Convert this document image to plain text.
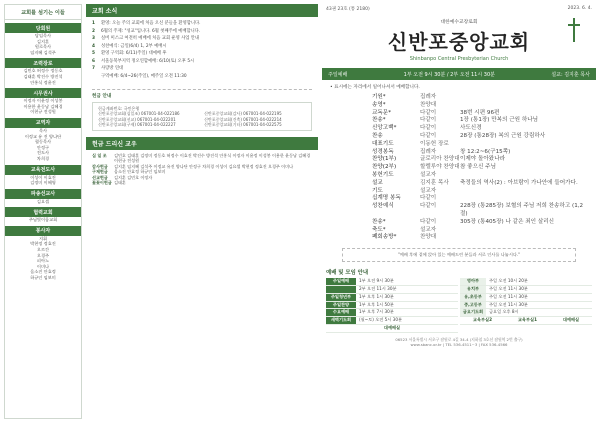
교회를 섬기는 이들
당회원
담임목사
김지훈
원로목사
임지혜 김석주
조력장로
김민호 허정수 정동호
김태훈 박진수 방진석
안홍식 정윤진
시무권사
이정자 이윤정 이성봉
이용한 윤동남 김혜경
이현규 전성원
교역자
목사
이정교 유 진 양나단
협동목사
안정구
전도사
차희경
교육전도사
이성이 이효진
김정미 이혜영
파송선교사
김요셉
협력교회
주님빛이룸교회
봉사자
지휘
박현정 정효진
오르간
오경주
피아노
이미나
음소진 안효정
하규인 임보미
교회 소식
1	환영: 오늘 주의 교회에 처음 오신 분들을 환영합니다.
2	6월의 주제: "성교"입니다. 6월 첫째주에 예배합니다.
3	실버 미스크 여전히 예배에 처음 교회 운영 사업 안내
4	성찬예식: 금일(6/4) 1, 2부 예배시
5	환영 구역회: 6/11(주일) 대예배 후
6	서울동북부지역 정오연합예배: 6/10(토) 오후 5시
7	사랑방 연대
구역예배: 6/4~26(주일), 매주일 오전 11:30
헌금 안내
헌금계좌번호: 국민은행
신반포중앙교회(십일조) 067001-04-022186	신반포중앙교회(감사) 067001-04-022195
신반포중앙교회(선교) 067001-04-022201	신반포중앙교회(건축) 067001-04-022214
신반포중앙교회(구제) 067001-04-022227	신반포중앙교회(기타) 067001-04-022575
헌금 드리신 교우
십 일 조	김민호 김태훈 김정미 정동호 허정수 이효진 박진수 방진석 안홍식 이정자 이윤정 이성봉 이용한 윤동남 김혜경 이현규 전성원
감사헌금	김지훈 임지혜 김석주 이정교 유진 양나단 안정구 차희경 이성이 김요셉 박현정 정효진 오경주 이미나
구제헌금	음소진 안효정 하규인 임보미
선교헌금	김지훈 김민호 이정자
꽃꽂이헌금 김태훈
43권 23호 (통 2180)	2023. 6. 4.
대한예수교장로회
신반포중앙교회
Shinbanpo Central Presbyterian Church
주일예배	1부 오전 9시 30분 / 2부 오전 11시 30분	설교: 김지훈 목사
• 표시에는 자리에서 일어나셔서 예배합니다.
기원*	집례자
송영*	찬양대
교독문*	다같이	38번 시편 96편
찬송*	다같이	1장 (통1장) 만복의 근원 하나님
신앙고백*	다같이	사도신경
찬송	다같이	28장 (통28장) 복의 근원 강림하사
대표기도	이동헌 장로
성경봉독	집례자	창 12:2~6(구15쪽)
찬양(1부)	글로리아 찬양대 이제야 돌아왔나라
찬양(2부)	할렐루야 찬양대 참 좋으신 주님
봉헌기도	설교자
설교	김지훈 목사	축정들의 역사(2) : 아브람이 가나안에 들어가다.
기도	설교자
십계명 봉독	다같이
성찬예식	다같이	228장 (통285장) 보혈의 주님 저희 찬송하고 (1,2절)
찬송*	다같이	305장 (통405장) 나 같은 죄인 살리신
축도*	설교자
폐회송방*	찬양대
"예배 후에 곁에 앉아 있는 예배드린 분들과 서로 인사를 나눕시다."
예배 및 모임 안내
주일예배	1부 오전 9시 30분
2부 오전 11시 30분
주일청년부	1부 오후 1시 30분
주일찬양	1부 오후 1시 50분
수요예배	1부 오후 7시 30분
새벽기도회	(월~토) 오전 5시 30분
대예배실
영아부	주일 오전 10시 20분
유치부	주일 오전 11시 30분
유,초등부	주일 오전 11시 30분
중,고등부	주일 오전 11시 30분
금요기도회	금요일 오후 8시
교육부실2	교육부실1	대예배실
06523 서울특별시 서초구 잠원로 4길 34-4 (지하철 3호선 잠원역 2번 출구)
www.sbanc.or.kr | TEL 536-4511~3 | FAX 536-4566
